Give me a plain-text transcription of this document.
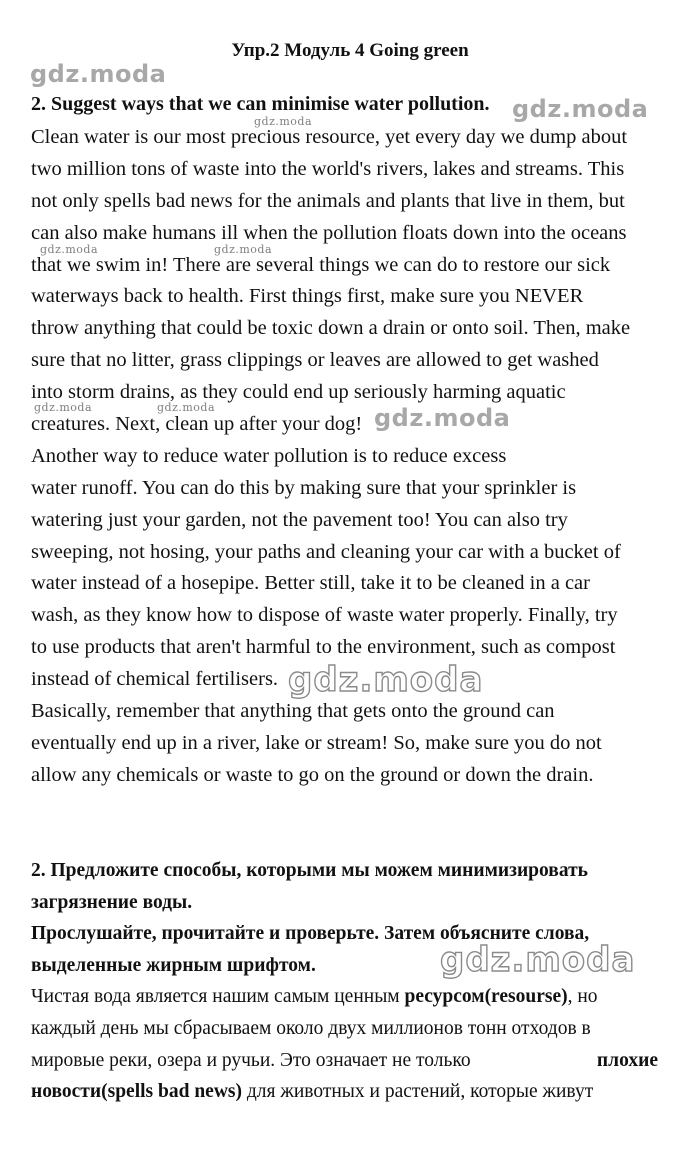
Упр.2 Модуль 4 Going green
2. Suggest ways that we can minimise water pollution.
Clean water is our most precious resource, yet every day we dump about
two million tons of waste into the world's rivers, lakes and streams. This
not only spells bad news for the animals and plants that live in them, but
can also make humans ill when the pollution floats down into the oceans
that we swim in! There are several things we can do to restore our sick
waterways back to health. First things first, make sure you NEVER
throw anything that could be toxic down a drain or onto soil. Then, make
sure that no litter, grass clippings or leaves are allowed to get washed
into storm drains, as they could end up seriously harming aquatic
creatures. Next, clean up after your dog!
Another way to reduce water pollution is to reduce excess
water runoff. You can do this by making sure that your sprinkler is
watering just your garden, not the pavement too! You can also try
sweeping, not hosing, your paths and cleaning your car with a bucket of
water instead of a hosepipe. Better still, take it to be cleaned in a car
wash, as they know how to dispose of waste water properly. Finally, try
to use products that aren't harmful to the environment, such as compost
instead of chemical fertilisers.
Basically, remember that anything that gets onto the ground can
eventually end up in a river, lake or stream! So, make sure you do not
allow any chemicals or waste to go on the ground or down the drain.
2. Предложите способы, которыми мы можем минимизировать
загрязнение воды.
Прослушайте, прочитайте и проверьте. Затем объясните слова,
выделенные жирным шрифтом.
Чистая вода является нашим самым ценным ресурсом(resourse), но
каждый день мы сбрасываем около двух миллионов тонн отходов в
мировые реки, озера и ручьи. Это означает не только	плохие
новости(spells bad news) для животных и растений, которые живут
gdz.moda
gdz.moda
gdz.moda
gdz.moda	gdz.moda
gdz.moda	gdz.moda	gdz.moda
gdz.moda
gdz.moda
